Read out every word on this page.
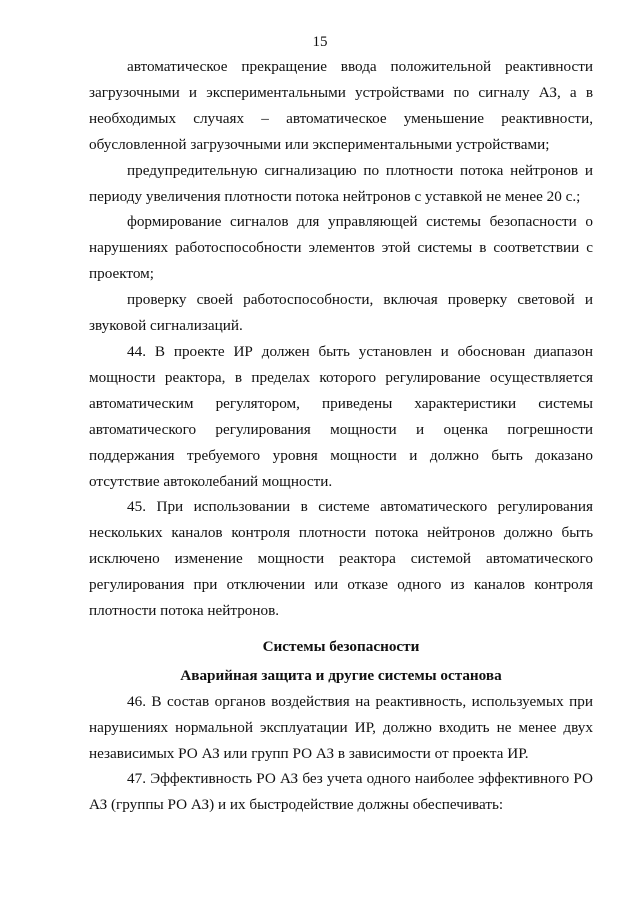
15

автоматическое прекращение ввода положительной реактивности загрузочными и экспериментальными устройствами по сигналу АЗ, а в необходимых случаях – автоматическое уменьшение реактивности, обусловленной загрузочными или экспериментальными устройствами;

предупредительную сигнализацию по плотности потока нейтронов и периоду увеличения плотности потока нейтронов с уставкой не менее 20 с.;

формирование сигналов для управляющей системы безопасности о нарушениях работоспособности элементов этой системы в соответствии с проектом;

проверку своей работоспособности, включая проверку световой и звуковой сигнализаций.

44. В проекте ИР должен быть установлен и обоснован диапазон мощности реактора, в пределах которого регулирование осуществляется автоматическим регулятором, приведены характеристики системы автоматического регулирования мощности и оценка погрешности поддержания требуемого уровня мощности и должно быть доказано отсутствие автоколебаний мощности.

45. При использовании в системе автоматического регулирования нескольких каналов контроля плотности потока нейтронов должно быть исключено изменение мощности реактора системой автоматического регулирования при отключении или отказе одного из каналов контроля плотности потока нейтронов.

Системы безопасности

Аварийная защита и другие системы останова

46. В состав органов воздействия на реактивность, используемых при нарушениях нормальной эксплуатации ИР, должно входить не менее двух независимых РО АЗ или групп РО АЗ в зависимости от проекта ИР.

47. Эффективность РО АЗ без учета одного наиболее эффективного РО АЗ (группы РО АЗ) и их быстродействие должны обеспечивать:
